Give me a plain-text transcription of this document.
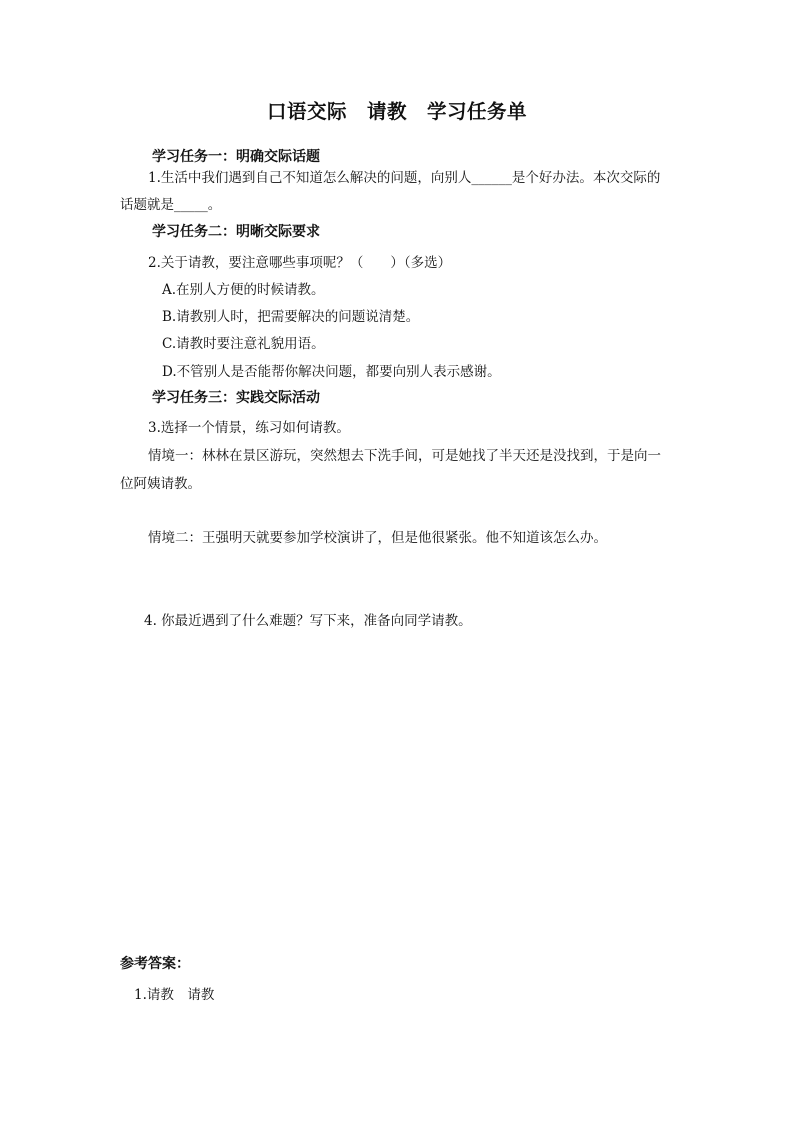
口语交际　请教　学习任务单
学习任务一：明确交际话题
1.生活中我们遇到自己不知道怎么解决的问题，向别人______是个好办法。本次交际的
话题就是_____。
学习任务二：明晰交际要求
2.关于请教，要注意哪些事项呢？（　　）（多选）
A.在别人方便的时候请教。
B.请教别人时，把需要解决的问题说清楚。
C.请教时要注意礼貌用语。
D.不管别人是否能帮你解决问题，都要向别人表示感谢。
学习任务三：实践交际活动
3.选择一个情景，练习如何请教。
情境一：林林在景区游玩，突然想去下洗手间，可是她找了半天还是没找到，于是向一
位阿姨请教。
情境二：王强明天就要参加学校演讲了，但是他很紧张。他不知道该怎么办。
4. 你最近遇到了什么难题？写下来，准备向同学请教。
参考答案：
1.请教　请教
